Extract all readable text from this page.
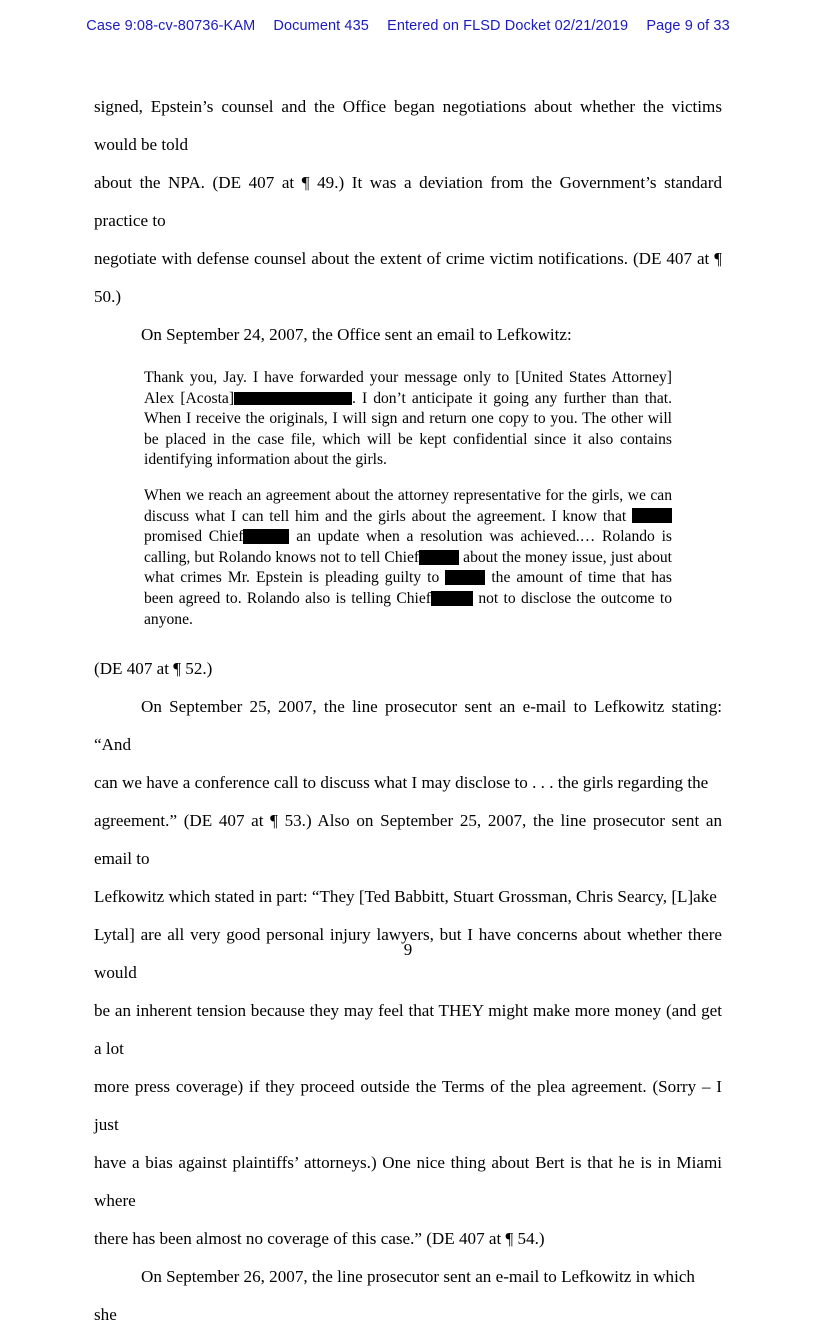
Case 9:08-cv-80736-KAM Document 435 Entered on FLSD Docket 02/21/2019 Page 9 of 33

signed, Epstein’s counsel and the Office began negotiations about whether the victims would be told

about the NPA. (DE 407 at ¶ 49.) It was a deviation from the Government’s standard practice to

negotiate with defense counsel about the extent of crime victim notifications. (DE 407 at ¶ 50.)

On September 24, 2007, the Office sent an email to Lefkowitz:

Thank you, Jay. I have forwarded your message only to [United States Attorney] Alex [Acosta]	. I don’t anticipate it going any further than that. When I receive the originals, I will sign and return one copy to you. The other will be placed in the case file, which will be kept confidential since it also contains identifying information about the girls.

When we reach an agreement about the attorney representative for the girls, we can discuss what I can tell him and the girls about the agreement. I know that  promised Chief	an update when a resolution was achieved.… Rolando is calling, but Rolando knows not to tell Chief	about the money issue, just about what crimes Mr. Epstein is pleading guilty to	the amount of time that has been agreed to. Rolando also is telling Chief	not to disclose the outcome to anyone.

(DE 407 at ¶ 52.)

On September 25, 2007, the line prosecutor sent an e-mail to Lefkowitz stating: “And

can we have a conference call to discuss what I may disclose to . . . the girls regarding the

agreement.” (DE 407 at ¶ 53.) Also on September 25, 2007, the line prosecutor sent an email to

Lefkowitz which stated in part: “They [Ted Babbitt, Stuart Grossman, Chris Searcy, [L]ake

Lytal] are all very good personal injury lawyers, but I have concerns about whether there would

be an inherent tension because they may feel that THEY might make more money (and get a lot

more press coverage) if they proceed outside the Terms of the plea agreement. (Sorry – I just

have a bias against plaintiffs’ attorneys.) One nice thing about Bert is that he is in Miami where

there has been almost no coverage of this case.” (DE 407 at ¶ 54.)

On September 26, 2007, the line prosecutor sent an e-mail to Lefkowitz in which she

9
